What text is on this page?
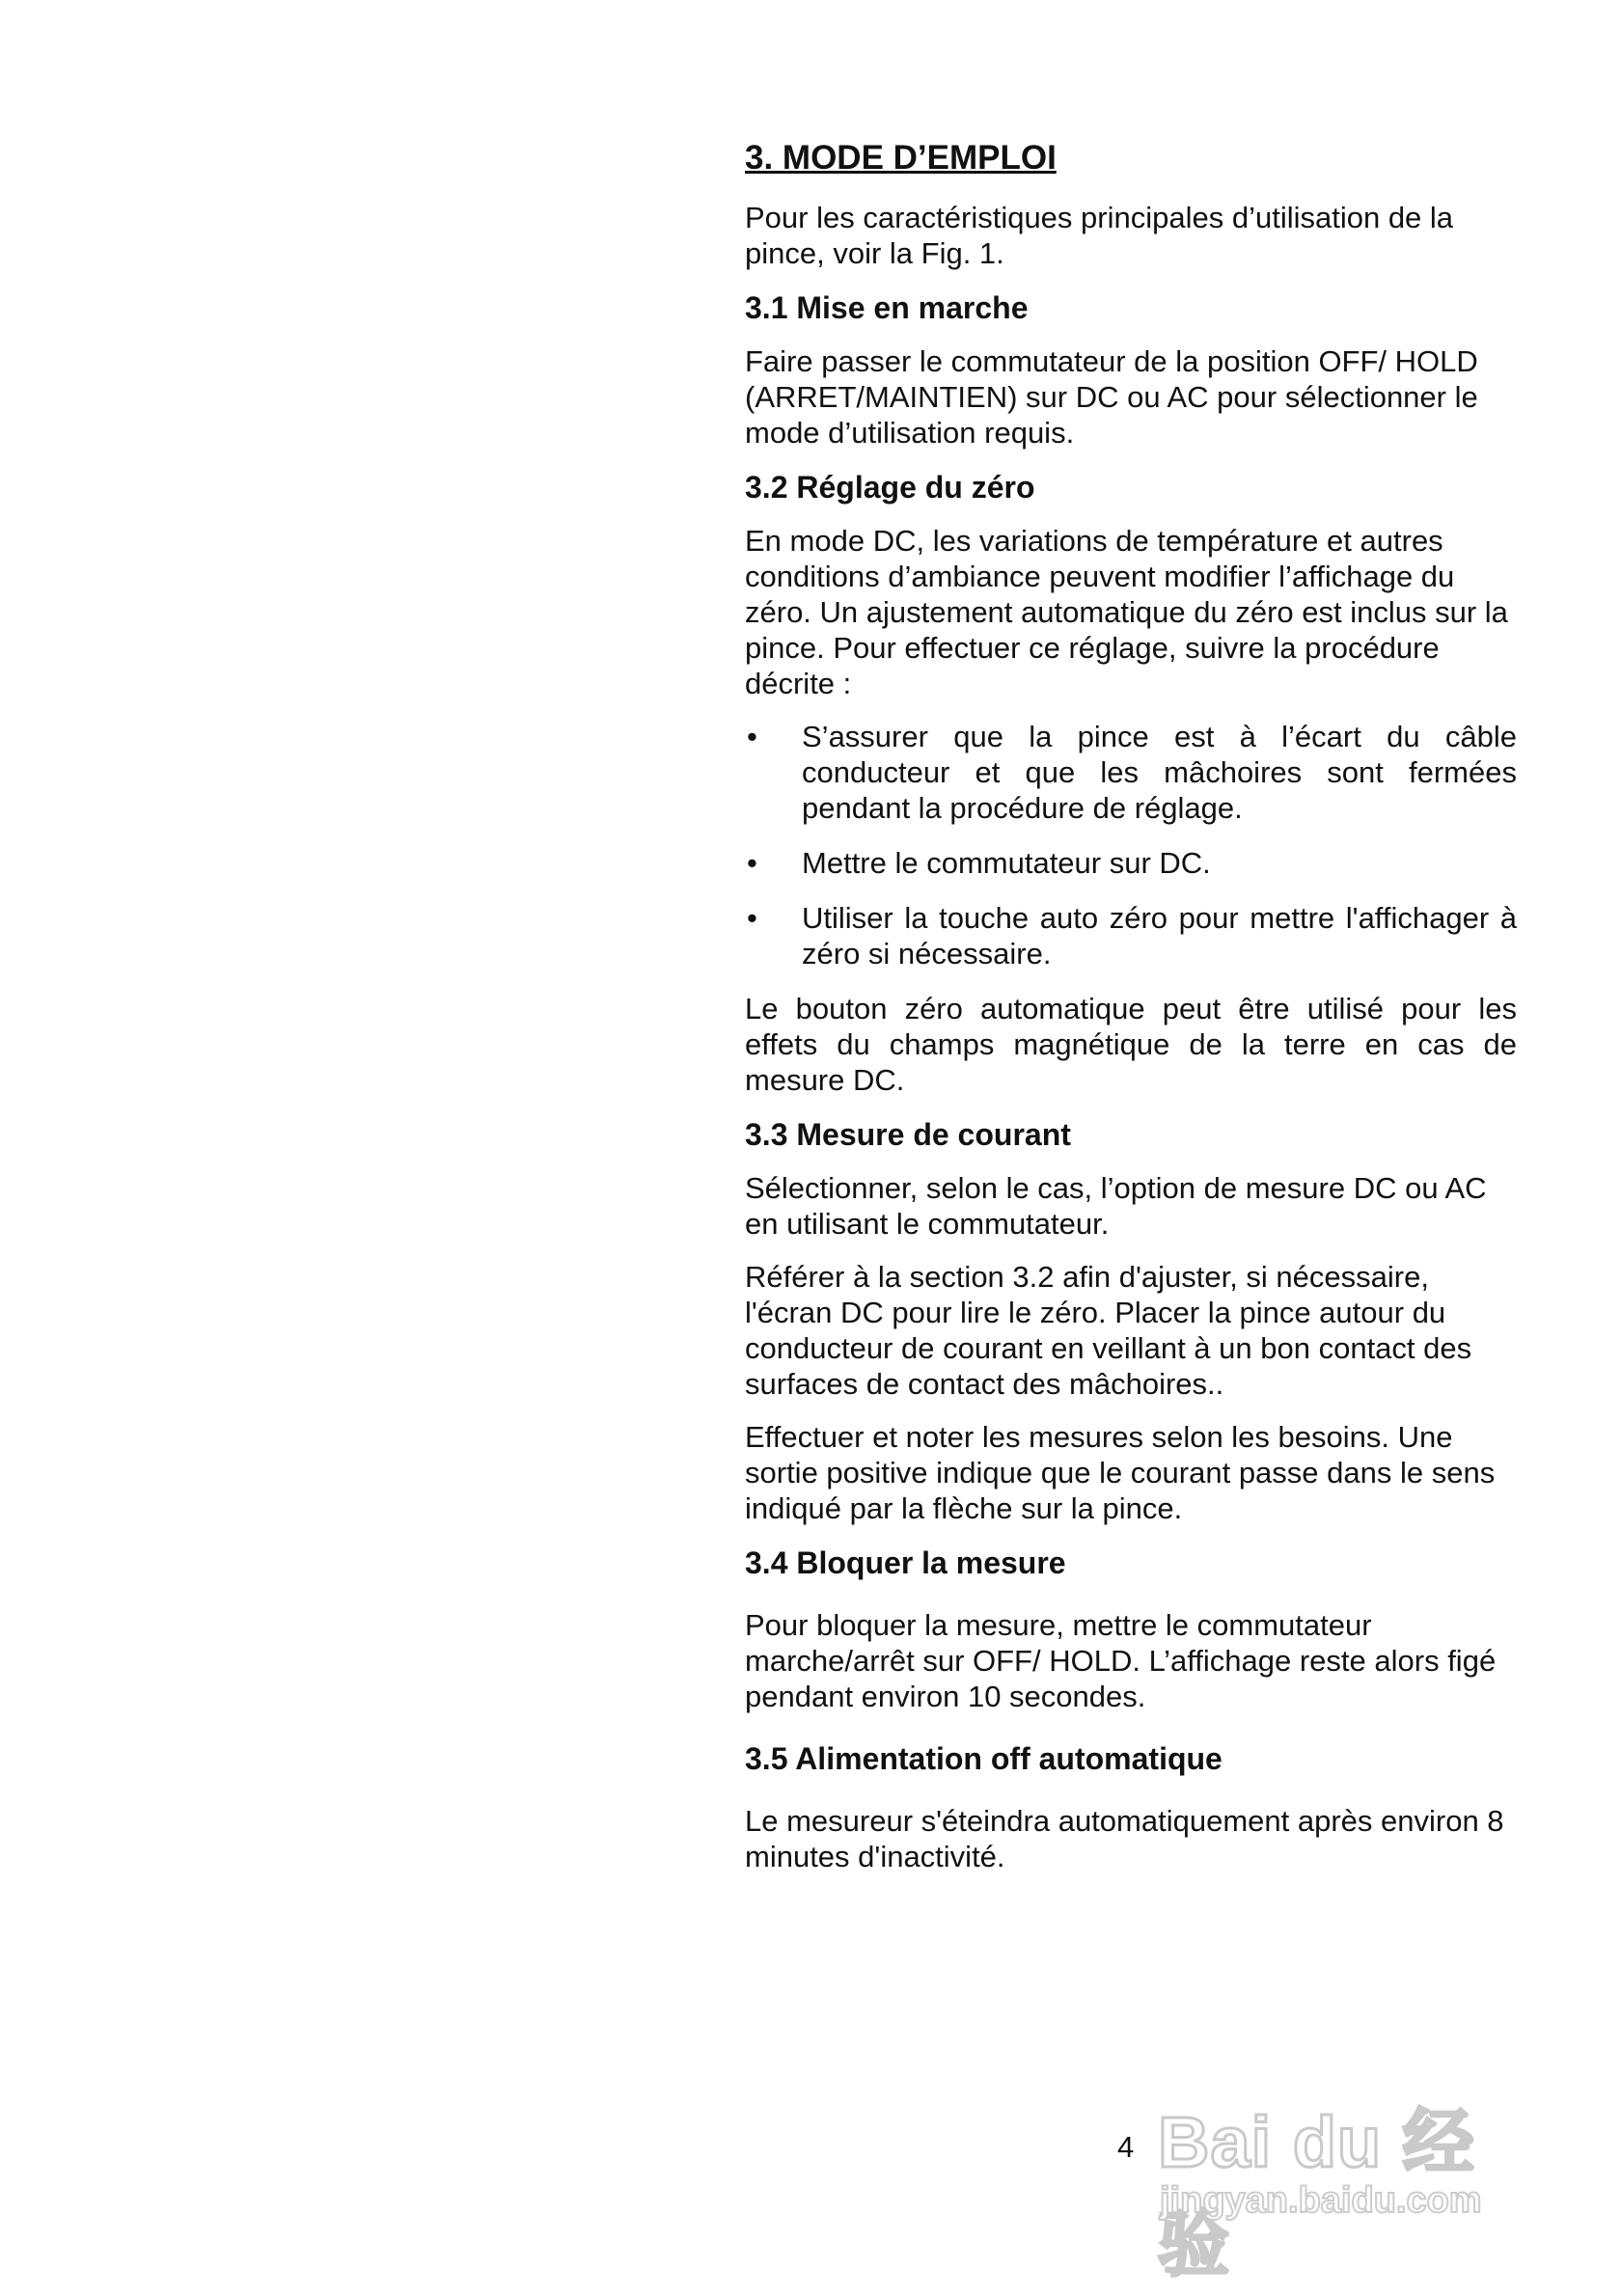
3. MODE D’EMPLOI

Pour les caractéristiques principales d’utilisation de la pince, voir la Fig. 1.

3.1 Mise en marche

Faire passer le commutateur de la position OFF/ HOLD (ARRET/MAINTIEN) sur DC ou AC pour sélectionner le mode d’utilisation requis.

3.2 Réglage du zéro

En mode DC, les variations de température et autres conditions d’ambiance peuvent modifier l’affichage du zéro. Un ajustement automatique du zéro est inclus sur la pince. Pour effectuer ce réglage, suivre la procédure décrite :

•	S’assurer que la pince est à l’écart du câble conducteur et que les mâchoires sont fermées pendant la procédure de réglage.
•	Mettre le commutateur sur DC.
•	Utiliser la touche auto zéro pour mettre l'affichager à zéro si nécessaire.

Le bouton zéro automatique peut être utilisé pour les effets du champs magnétique de la terre en cas de mesure DC.

3.3 Mesure de courant

Sélectionner, selon le cas, l’option de mesure DC ou AC en utilisant le commutateur.

Référer à la section 3.2 afin d'ajuster, si nécessaire, l'écran DC pour lire le zéro. Placer la pince autour du conducteur de courant en veillant à un bon contact des surfaces de contact des mâchoires..

Effectuer et noter les mesures selon les besoins. Une sortie positive indique que le courant passe dans le sens indiqué par la flèche sur la pince.

3.4 Bloquer la mesure

Pour bloquer la mesure, mettre le commutateur marche/arrêt sur OFF/ HOLD. L’affichage reste alors figé pendant environ 10 secondes.

3.5 Alimentation off automatique

Le mesureur s'éteindra automatiquement après environ 8 minutes d'inactivité.

4 Bai du 经验
jingyan.baidu.com
